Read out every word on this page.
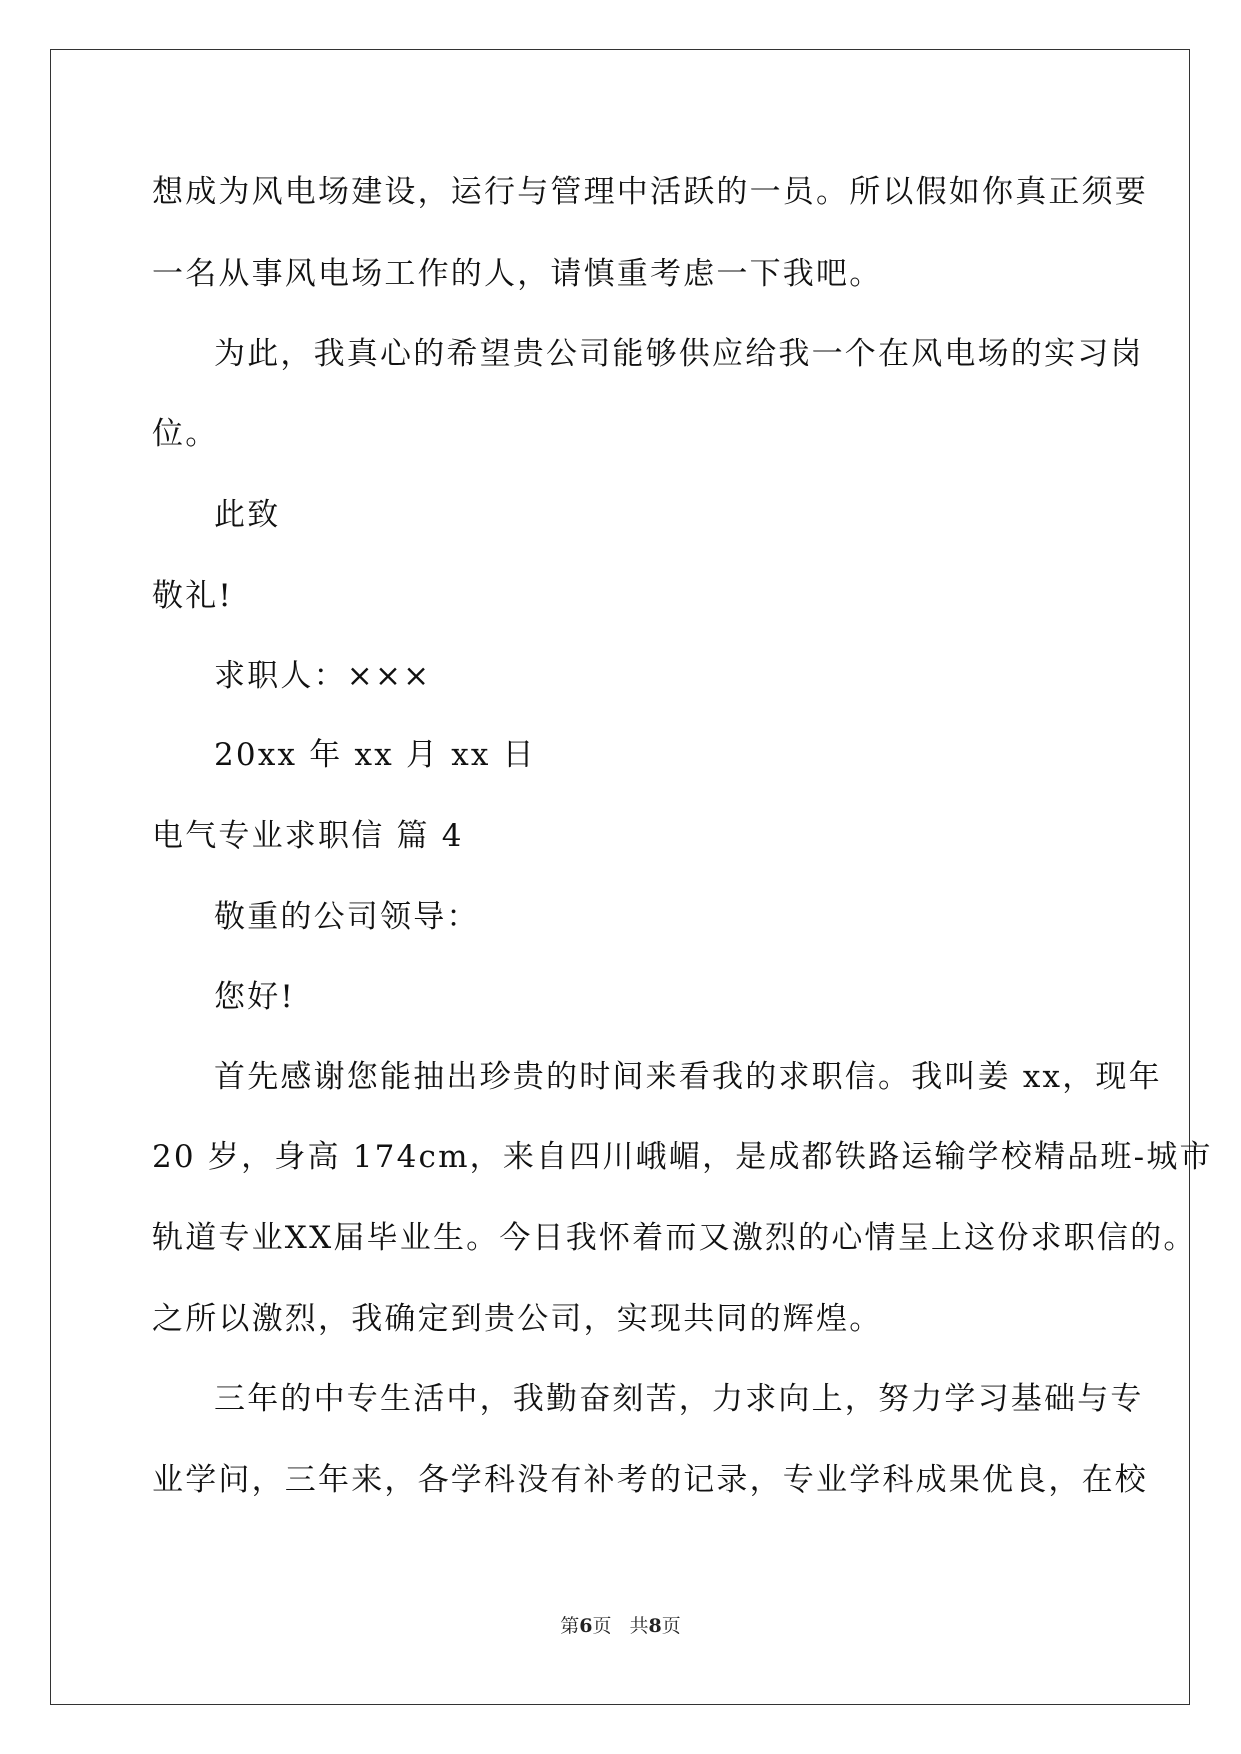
想成为风电场建设，运行与管理中活跃的一员。所以假如你真正须要
一名从事风电场工作的人，请慎重考虑一下我吧。
为此，我真心的希望贵公司能够供应给我一个在风电场的实习岗
位。
此致
敬礼!
求职人：×××
20xx 年 xx 月 xx 日
电气专业求职信 篇 4
敬重的公司领导：
您好!
首先感谢您能抽出珍贵的时间来看我的求职信。我叫姜 xx，现年
20 岁，身高 174cm，来自四川峨嵋，是成都铁路运输学校精品班-城市
轨道专业XX届毕业生。今日我怀着而又激烈的心情呈上这份求职信的。
之所以激烈，我确定到贵公司，实现共同的辉煌。
三年的中专生活中，我勤奋刻苦，力求向上，努力学习基础与专
业学问，三年来，各学科没有补考的记录，专业学科成果优良，在校
第6页 共8页
